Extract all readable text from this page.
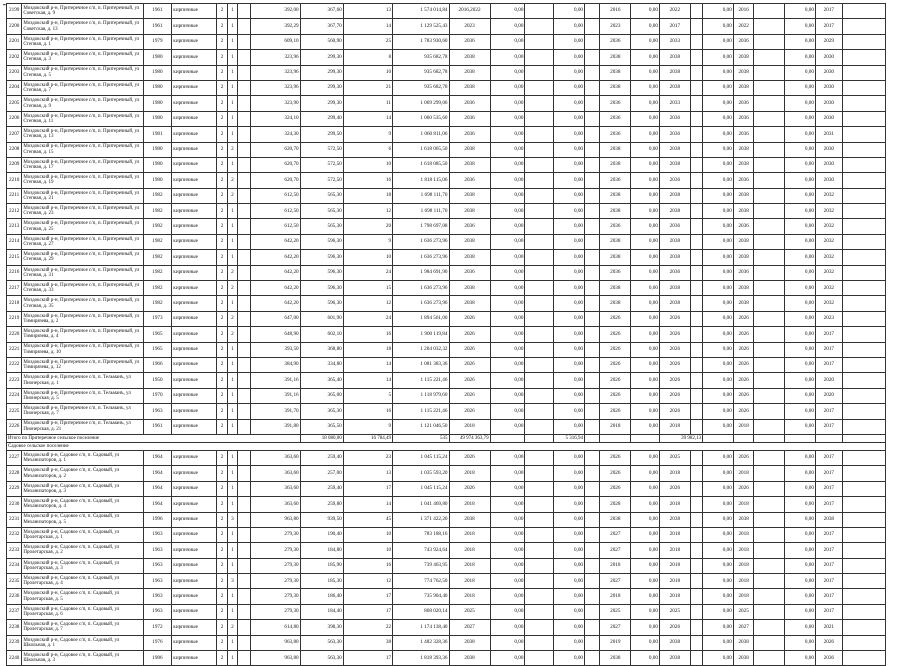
⁃
2199	Моздокский р-н, Притеречное с/п, п. Притеречный, ул Советская, д. 9	1961	кирпичные	2	1		392,00	367,60	13	1 574 014,84	2016,2022	0,00		0,00		2016	0,00	2022		0,00	2016		0,00	2017	
2200	Моздокский р-н, Притеречное с/п, п. Притеречный, ул Советская, д. 13	1961	кирпичные	2	1		392,29	367,70	14	1 129 525,43	2023	0,00		0,00		2023	0,00	2017		0,00	2022		0,00	2017	
2201	Моздокский р-н, Притеречное с/п, п. Притеречный, ул Степная, д. 1	1979	кирпичные	2	1		609,10	560,90	25	1 783 930,60	2036	0,00		0,00		2036	0,00	2033		0,00	2036		0,00	2029	
2202	Моздокский р-н, Притеречное с/п, п. Притеречный, ул Степная, д. 3	1980	кирпичные	2	1		323,96	299,30	8	935 682,78	2038	0,00		0,00		2038	0,00	2038		0,00	2038		0,00	2030	
2203	Моздокский р-н, Притеречное с/п, п. Притеречный, ул Степная, д. 5	1980	кирпичные	2	1		323,96	299,30	10	935 682,78	2038	0,00		0,00		2038	0,00	2038		0,00	2038		0,00	2030	
2204	Моздокский р-н, Притеречное с/п, п. Притеречный, ул Степная, д. 7	1980	кирпичные	2	1		323,96	299,30	21	935 682,78	2038	0,00		0,00		2038	0,00	2038		0,00	2038		0,00	2030	
2205	Моздокский р-н, Притеречное с/п, п. Притеречный, ул Степная, д. 9	1980	кирпичные	2	1		323,90	299,30	11	1 069 299,06	2036	0,00		0,00		2036	0,00	2033		0,00	2036		0,00	2030	
2206	Моздокский р-н, Притеречное с/п, п. Притеречный, ул Степная, д. 11	1980	кирпичные	2	1		324,10	299,40	14	1 060 535,60	2036	0,00		0,00		2036	0,00	2036		0,00	2036		0,00	2030	
2207	Моздокский р-н, Притеречное с/п, п. Притеречный, ул Степная, д. 13	1981	кирпичные	2	1		324,30	299,50	9	1 060 811,06	2036	0,00		0,00		2036	0,00	2036		0,00	2036		0,00	2031	
2208	Моздокский р-н, Притеречное с/п, п. Притеречный, ул Степная, д. 15	1980	кирпичные	2	2		620,70	572,50	6	1 618 065,50	2038	0,00		0,00		2038	0,00	2038		0,00	2038		0,00	2030	
2209	Моздокский р-н, Притеречное с/п, п. Притеречный, ул Степная, д. 17	1980	кирпичные	2	1		620,70	572,50	10	1 618 085,50	2038	0,00		0,00		2038	0,00	2038		0,00	2038		0,00	2030	
2210	Моздокский р-н, Притеречное с/п, п. Притеречный, ул Степная, д. 19	1980	кирпичные	2	2		620,70	572,50	16	1 818 115,06	2036	0,00		0,00		2036	0,00	2036		0,00	2036		0,00	2030	
2211	Моздокский р-н, Притеречное с/п, п. Притеречный, ул Степная, д. 21	1982	кирпичные	2	2		612,50	565,30	18	1 698 111,70	2038	0,00		0,00		2038	0,00	2038		0,00	2038		0,00	2032	
2212	Моздокский р-н, Притеречное с/п, п. Притеречный, ул Степная, д. 23	1982	кирпичные	2	1		612,50	565,30	12	1 698 111,70	2038	0,00		0,00		2038	0,00	2038		0,00	2038		0,00	2032	
2213	Моздокский р-н, Притеречное с/п, п. Притеречный, ул Степная, д. 25	1982	кирпичные	2	1		612,50	565,30	20	1 798 697,08	2036	0,00		0,00		2036	0,00	2036		0,00	2036		0,00	2032	
2214	Моздокский р-н, Притеречное с/п, п. Притеречный, ул Степная, д. 27	1982	кирпичные	2	1		642,20	596,30	9	1 636 273,96	2038	0,00		0,00		2038	0,00	2038		0,00	2038		0,00	2032	
2215	Моздокский р-н, Притеречное с/п, п. Притеречный, ул Степная, д. 29	1982	кирпичные	2	1		642,20	596,30	10	1 636 273,96	2038	0,00		0,00		2038	0,00	2038		0,00	2038		0,00	2032	
2216	Моздокский р-н, Притеречное с/п, п. Притеречный, ул Степная, д. 31	1982	кирпичные	2	2		642,20	596,30	24	1 984 691,90	2036	0,00		0,00		2036	0,00	2036		0,00	2036		0,00	2032	
2217	Моздокский р-н, Притеречное с/п, п. Притеречный, ул Степная, д. 33	1982	кирпичные	2	2		642,20	596,30	15	1 636 273,96	2038	0,00		0,00		2038	0,00	2038		0,00	2038		0,00	2032	
2218	Моздокский р-н, Притеречное с/п, п. Притеречный, ул Степная, д. 35	1982	кирпичные	2	1		642,20	596,30	12	1 636 273,96	2038	0,00		0,00		2038	0,00	2038		0,00	2038		0,00	2032	
2219	Моздокский р-н, Притеречное с/п, п. Притеречный, ул Тимирязева, д. 2	1973	кирпичные	2	2		647,00	601,90	24	1 894 561,00	2026	0,00		0,00		2026	0,00	2026		0,00	2026		0,00	2023	
2220	Моздокский р-н, Притеречное с/п, п. Притеречный, ул Тимирязева, д. 4	1965	кирпичные	2	2		648,90	602,10	16	1 900 119,84	2026	0,00		0,00		2026	0,00	2026		0,00	2026		0,00	2017	
2221	Моздокский р-н, Притеречное с/п, п. Притеречный, ул Тимирязева, д. 10	1965	кирпичные	2	1		393,50	368,80	18	1 204 032,32	2026	0,00		0,00		2026	0,00	2026		0,00	2026		0,00	2017	
2222	Моздокский р-н, Притеречное с/п, п. Притеречный, ул Тимирязева, д. 12	1966	кирпичные	2	1		384,90	334,80	14	1 081 383,36	2026	0,00		0,00		2026	0,00	2026		0,00	2026		0,00	2017	
2223	Моздокский р-н, Притеречное с/п, п. Тельманъ, ул Пионерская, д. 1	1950	кирпичные	2	1		391,16	365,40	14	1 115 221,46	2026	0,00		0,00		2026	0,00	2026		0,00	2026		0,00	2020	
2224	Моздокский р-н, Притеречное с/п, п. Тельманъ, ул Пионерская, д. 5	1970	кирпичные	2	1		391,16	365,00	5	1 118 979,60	2026	0,00		0,00		2026	0,00	2026		0,00	2026		0,00	2020	
2225	Моздокский р-н, Притеречное с/п, п. Тельманъ, ул Пионерская, д. 7	1963	кирпичные	2	1		391,70	365,30	16	1 115 221,46	2026	0,00		0,00		2026	0,00	2026		0,00	2026		0,00	2017	
2226	Моздокский р-н, Притеречное с/п, п. Тельманъ, ул Пионерская, д. 21	1961	кирпичные	2	1		391,80	365,50	9	1 121 046,50	2018	0,00		0,00		2018	0,00	2018		0,00	2018		0,00	2017	
Итого по Притеречное сельское поселение								18 080,00	16 784,49	535	49 974 363,79			5 316,94				39 982,13							
Садовое сельское поселение																									
2227	Моздокский р-н, Садовое с/п, п. Садовый, ул Механизаторов, д. 1	1964	кирпичные	2	1		363,60	259,40	23	1 045 115,24	2026	0,00		0,00		2026	0,00	2025		0,00	2026		0,00	2017	
2228	Моздокский р-н, Садовое с/п, п. Садовый, ул Механизаторов, д. 2	1964	кирпичные	2	1		363,60	257,00	13	1 035 593,20	2018	0,00		0,00		2026	0,00	2018		0,00	2018		0,00	2017	
2229	Моздокский р-н, Садовое с/п, п. Садовый, ул Механизаторов, д. 3	1964	кирпичные	2	1		363,60	259,40	17	1 045 115,24	2026	0,00		0,00		2026	0,00	2026		0,00	2026		0,00	2017	
2230	Моздокский р-н, Садовое с/п, п. Садовый, ул Механизаторов, д. 4	1964	кирпичные	2	1		363,60	259,80	14	1 041 469,80	2018	0,00		0,00		2028	0,00	2018		0,00	2018		0,00	2017	
2231	Моздокский р-н, Садовое с/п, п. Садовый, ул Механизаторов, д. 5	1996	кирпичные	2	3		963,80	939,50	45	1 371 422,20	2038	0,00		0,00		2038	0,00	2038		0,00	2038		0,00	2038	
2232	Моздокский р-н, Садовое с/п, п. Садовый, ул Пролетарская, д. 1	1963	кирпичные	2	1		279,30	190,40	10	783 188,16	2018	0,00		0,00		2027	0,00	2018		0,00	2018		0,00	2017	
2233	Моздокский р-н, Садовое с/п, п. Садовый, ул Пролетарская, д. 2	1963	кирпичные	2	1		279,30	184,80	10	743 924,64	2018	0,00		0,00		2027	0,00	2018		0,00	2018		0,00	2017	
2234	Моздокский р-н, Садовое с/п, п. Садовый, ул Пролетарская, д. 3	1963	кирпичные	2	1		279,30	185,90	16	739 463,95	2018	0,00		0,00		2018	0,00	2018		0,00	2018		0,00	2017	
2235	Моздокский р-н, Садовое с/п, п. Садовый, ул Пролетарская, д. 4	1963	кирпичные	2	3		279,30	185,30	12	774 762,50	2018	0,00		0,00		2027	0,00	2018		0,00	2018		0,00	2017	
2236	Моздокский р-н, Садовое с/п, п. Садовый, ул Пролетарская, д. 5	1963	кирпичные	2	1		279,30	186,40	17	735 904,40	2018	0,00		0,00		2018	0,00	2018		0,00	2018		0,00	2017	
2237	Моздокский р-н, Садовое с/п, п. Садовый, ул Пролетарская, д. 6	1963	кирпичные	2	1		279,30	184,40	17	868 020,14	2025	0,00		0,00		2025	0,00	2025		0,00	2025		0,00	2017	
2238	Моздокский р-н, Садовое с/п, п. Садовый, ул Пролетарская, д. 7	1972	кирпичные	2	2		614,80	398,30	22	1 174 138,40	2027	0,00		0,00		2027	0,00	2026		0,00	2027		0,00	2021	
2239	Моздокский р-н, Садовое с/п, п. Садовый, ул Школьная, д. 1	1976	кирпичные	2	1		963,80	563,30	38	1 482 328,36	2038	0,00		0,00		2019	0,00	2038		0,00	2038		0,00	2026	
2240	Моздокский р-н, Садовое с/п, п. Садовый, ул Школьная, д. 3	1986	кирпичные	2	1		963,80	563,30	17	1 818 393,36	2038	0,00		0,00		2038	0,00	2038		0,00	2038		0,00	2036	
